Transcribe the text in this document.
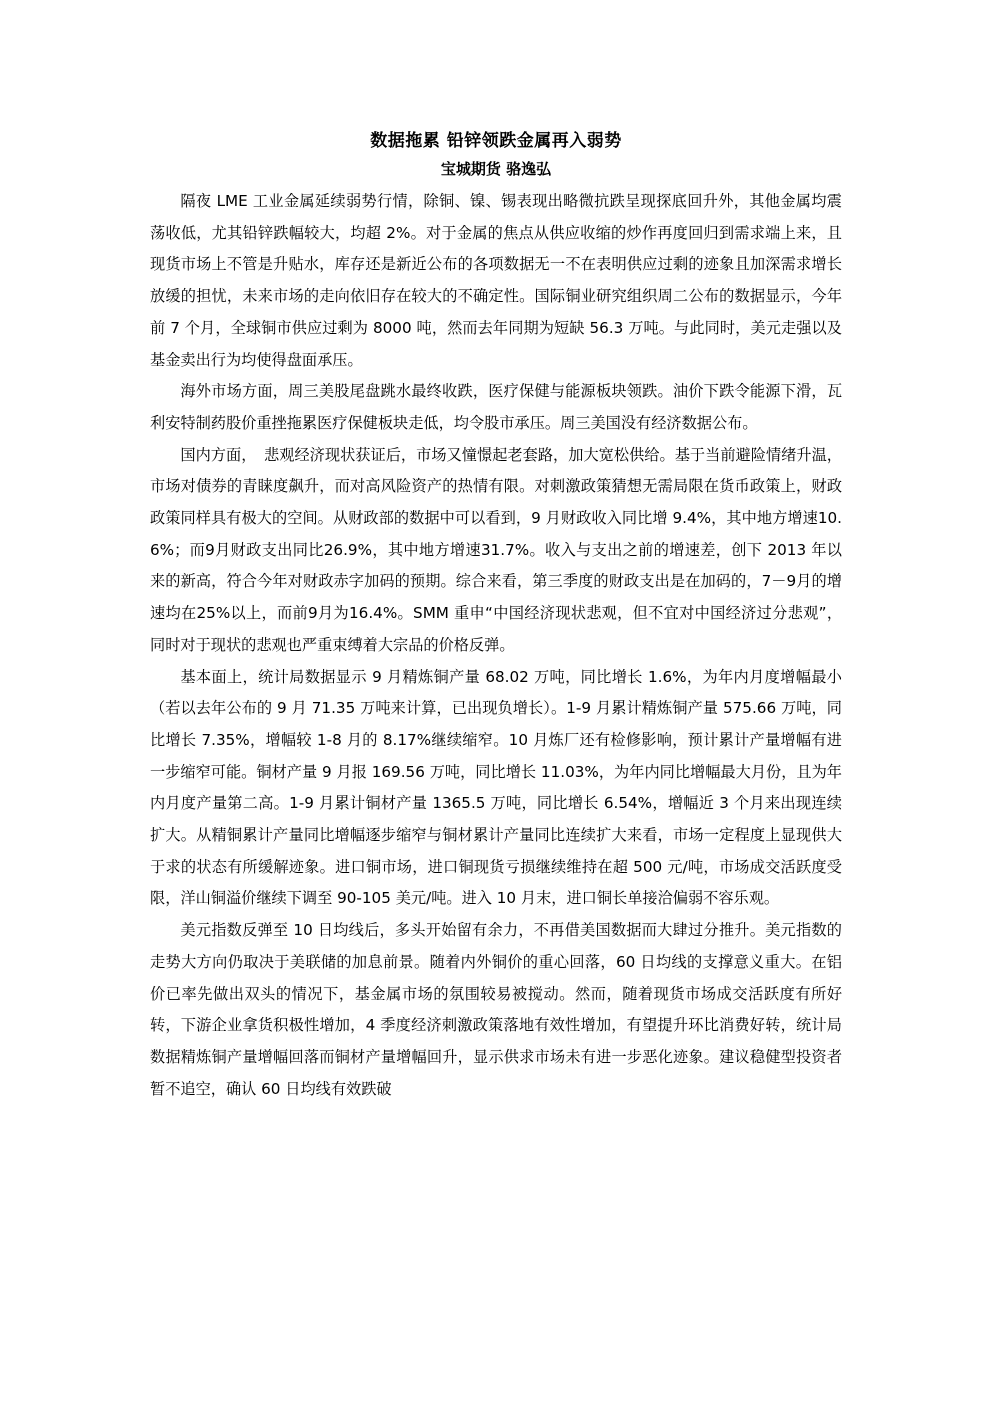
数据拖累 铅锌领跌金属再入弱势
宝城期货 骆逸弘

隔夜 LME 工业金属延续弱势行情，除铜、镍、锡表现出略微抗跌呈现探底回升外，其他金属均震荡收低，尤其铅锌跌幅较大，均超 2%。对于金属的焦点从供应收缩的炒作再度回归到需求端上来，且现货市场上不管是升贴水，库存还是新近公布的各项数据无一不在表明供应过剩的迹象且加深需求增长放缓的担忧，未来市场的走向依旧存在较大的不确定性。国际铜业研究组织周二公布的数据显示，今年前 7 个月，全球铜市供应过剩为 8000 吨，然而去年同期为短缺 56.3 万吨。与此同时，美元走强以及基金卖出行为均使得盘面承压。

海外市场方面，周三美股尾盘跳水最终收跌，医疗保健与能源板块领跌。油价下跌令能源下滑，瓦利安特制药股价重挫拖累医疗保健板块走低，均令股市承压。周三美国没有经济数据公布。

国内方面，　悲观经济现状获证后，市场又憧憬起老套路，加大宽松供给。基于当前避险情绪升温，市场对债券的青睐度飙升，而对高风险资产的热情有限。对刺激政策猜想无需局限在货币政策上，财政政策同样具有极大的空间。从财政部的数据中可以看到，9 月财政收入同比增 9.4%，其中地方增速10.6%；而9月财政支出同比26.9%，其中地方增速31.7%。收入与支出之前的增速差，创下 2013 年以来的新高，符合今年对财政赤字加码的预期。综合来看，第三季度的财政支出是在加码的，7－9月的增速均在25%以上，而前9月为16.4%。SMM 重申“中国经济现状悲观，但不宜对中国经济过分悲观”，同时对于现状的悲观也严重束缚着大宗品的价格反弹。

基本面上，统计局数据显示 9 月精炼铜产量 68.02 万吨，同比增长 1.6%，为年内月度增幅最小（若以去年公布的 9 月 71.35 万吨来计算，已出现负增长）。1-9 月累计精炼铜产量 575.66 万吨，同比增长 7.35%，增幅较 1-8 月的 8.17%继续缩窄。10 月炼厂还有检修影响，预计累计产量增幅有进一步缩窄可能。铜材产量 9 月报 169.56 万吨，同比增长 11.03%，为年内同比增幅最大月份，且为年内月度产量第二高。1-9 月累计铜材产量 1365.5 万吨，同比增长 6.54%，增幅近 3 个月来出现连续扩大。从精铜累计产量同比增幅逐步缩窄与铜材累计产量同比连续扩大来看，市场一定程度上显现供大于求的状态有所缓解迹象。进口铜市场，进口铜现货亏损继续维持在超 500 元/吨，市场成交活跃度受限，洋山铜溢价继续下调至 90-105 美元/吨。进入 10 月末，进口铜长单接洽偏弱不容乐观。

美元指数反弹至 10 日均线后，多头开始留有余力，不再借美国数据而大肆过分推升。美元指数的走势大方向仍取决于美联储的加息前景。随着内外铜价的重心回落，60 日均线的支撑意义重大。在铝价已率先做出双头的情况下，基金属市场的氛围较易被搅动。然而，随着现货市场成交活跃度有所好转，下游企业拿货积极性增加，4 季度经济刺激政策落地有效性增加，有望提升环比消费好转，统计局数据精炼铜产量增幅回落而铜材产量增幅回升，显示供求市场未有进一步恶化迹象。建议稳健型投资者暂不追空，确认 60 日均线有效跌破
